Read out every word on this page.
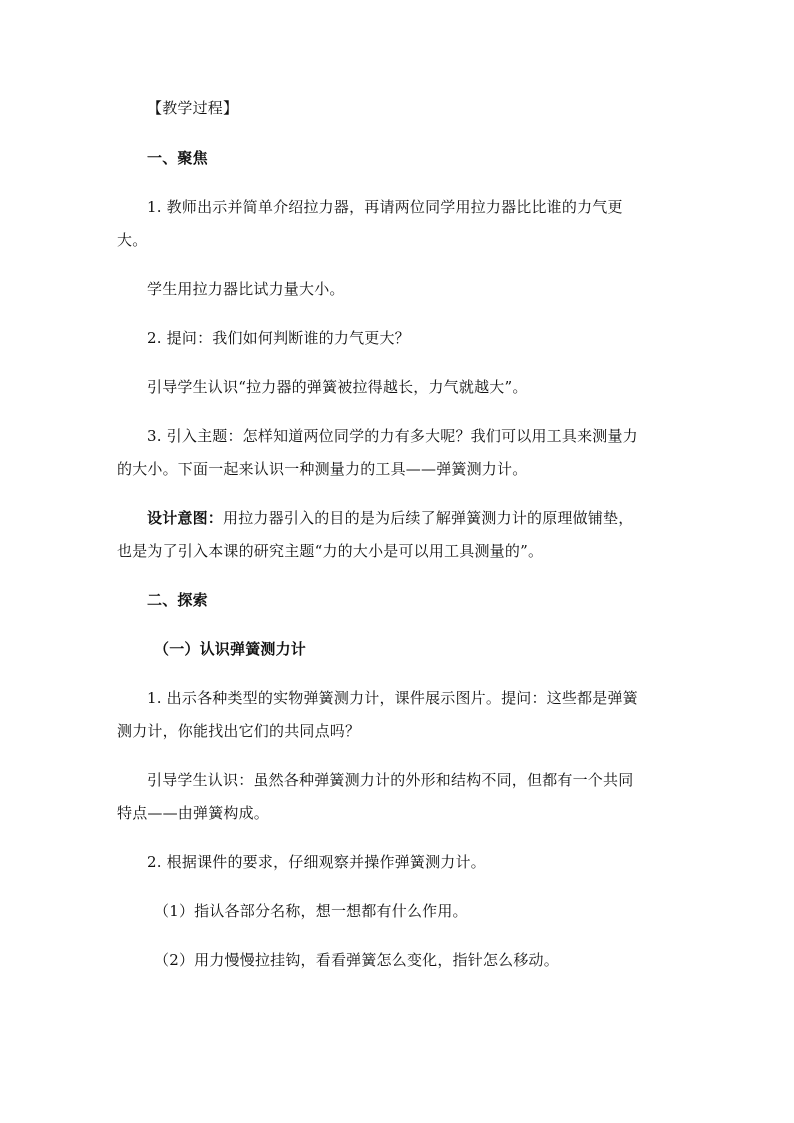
【教学过程】
一、聚焦
1. 教师出示并简单介绍拉力器，再请两位同学用拉力器比比谁的力气更
大。
学生用拉力器比试力量大小。
2. 提问：我们如何判断谁的力气更大？
引导学生认识“拉力器的弹簧被拉得越长，力气就越大”。
3. 引入主题：怎样知道两位同学的力有多大呢？我们可以用工具来测量力
的大小。下面一起来认识一种测量力的工具——弹簧测力计。
设计意图：用拉力器引入的目的是为后续了解弹簧测力计的原理做铺垫，
也是为了引入本课的研究主题“力的大小是可以用工具测量的”。
二、探索
（一）认识弹簧测力计
1. 出示各种类型的实物弹簧测力计，课件展示图片。提问：这些都是弹簧
测力计，你能找出它们的共同点吗？
引导学生认识：虽然各种弹簧测力计的外形和结构不同，但都有一个共同
特点——由弹簧构成。
2. 根据课件的要求，仔细观察并操作弹簧测力计。
（1）指认各部分名称，想一想都有什么作用。
（2）用力慢慢拉挂钩，看看弹簧怎么变化，指针怎么移动。
